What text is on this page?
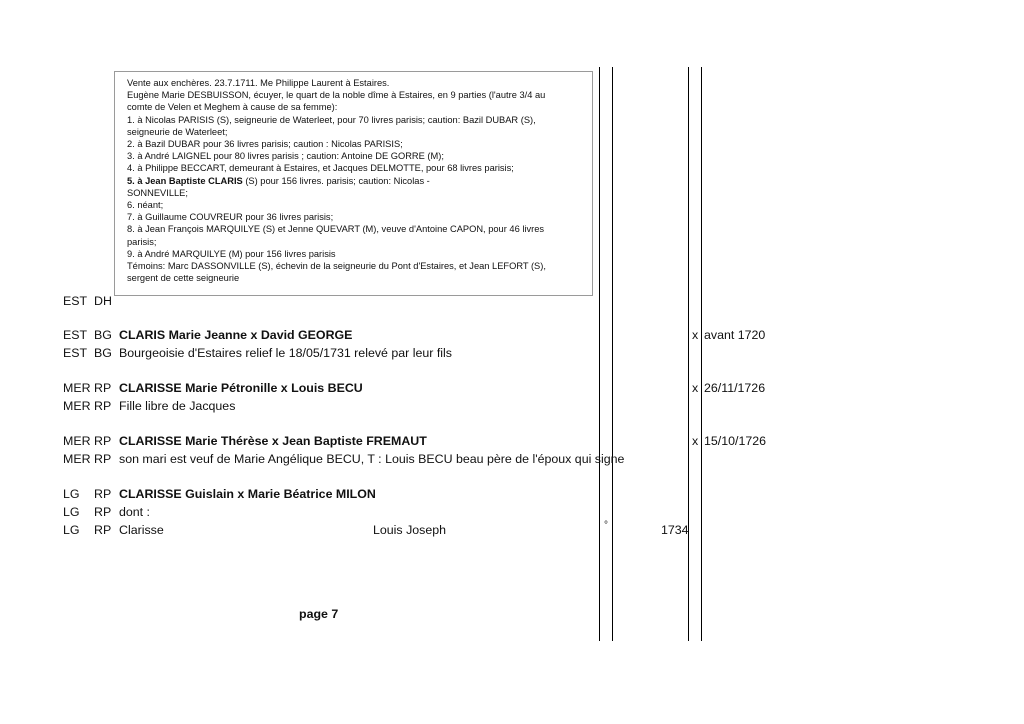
Vente aux enchères. 23.7.1711. Me Philippe Laurent à Estaires.
Eugène Marie DESBUISSON, écuyer, le quart de la noble dîme à Estaires, en 9 parties (l'autre 3/4 au
comte de Velen et Meghem à cause de sa femme):
1. à Nicolas PARISIS (S), seigneurie de Waterleet, pour 70 livres parisis; caution: Bazil DUBAR (S),
seigneurie de Waterleet;
2. à Bazil DUBAR pour 36 livres parisis; caution : Nicolas PARISIS;
3. à André LAIGNEL pour 80 livres parisis ; caution: Antoine DE GORRE (M);
4. à Philippe BECCART, demeurant à Estaires, et Jacques DELMOTTE, pour 68 livres parisis;
5. à Jean Baptiste CLARIS (S) pour 156 livres. parisis; caution: Nicolas -
SONNEVILLE;
6. néant;
7. à Guillaume COUVREUR pour 36 livres parisis;
8. à Jean François MARQUILYE (S) et Jenne QUEVART (M), veuve d'Antoine CAPON, pour 46 livres
parisis;
9. à André MARQUILYE (M) pour 156 livres parisis
Témoins: Marc DASSONVILLE (S), échevin de la seigneurie du Pont d'Estaires, et Jean LEFORT (S),
sergent de cette seigneurie
EST DH
EST BG CLARIS Marie Jeanne x David GEORGE	x avant 1720
EST BG Bourgeoisie d'Estaires relief le 18/05/1731 relevé par leur fils
MER RP CLARISSE Marie Pétronille x Louis BECU	x 26/11/1726
MER RP Fille libre de Jacques
MER RP CLARISSE Marie Thérèse x Jean Baptiste FREMAUT	x 15/10/1726
MER RP son mari est veuf de Marie Angélique BECU, T : Louis BECU beau père de l'époux qui signe
LG RP CLARISSE Guislain x Marie Béatrice MILON
LG RP dont :
LG RP Clarisse	Louis Joseph	°	1734
page 7
